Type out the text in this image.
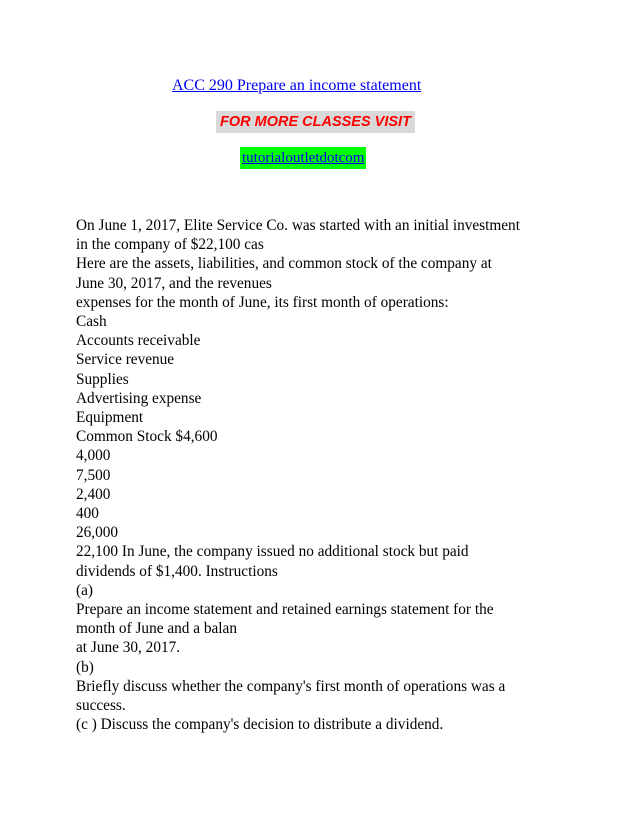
ACC 290 Prepare an income statement
FOR MORE CLASSES VISIT
tutorialoutletdotcom
On June 1, 2017, Elite Service Co. was started with an initial investment
in the company of $22,100 cas
Here are the assets, liabilities, and common stock of the company at
June 30, 2017, and the revenues
expenses for the month of June, its first month of operations:
Cash
Accounts receivable
Service revenue
Supplies
Advertising expense
Equipment
Common Stock $4,600
4,000
7,500
2,400
400
26,000
22,100 In June, the company issued no additional stock but paid
dividends of $1,400. Instructions
(a)
Prepare an income statement and retained earnings statement for the
month of June and a balan
at June 30, 2017.
(b)
Briefly discuss whether the company's first month of operations was a
success.
(c ) Discuss the company's decision to distribute a dividend.
